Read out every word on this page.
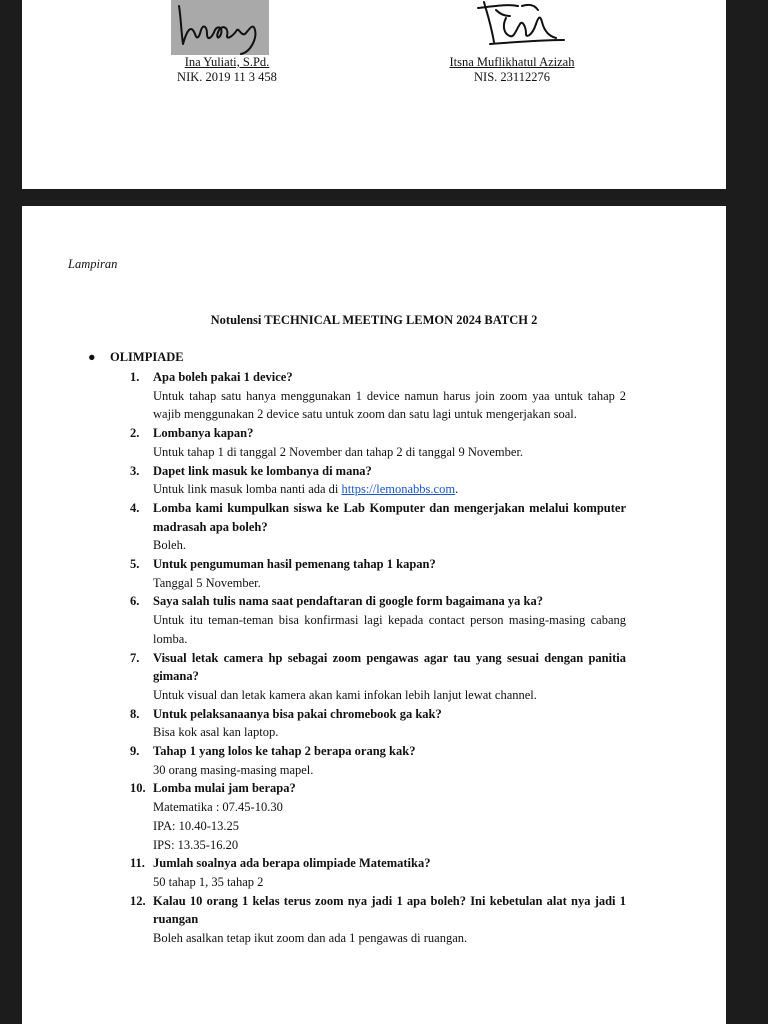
Ina Yuliati, S.Pd.
NIK. 2019 11 3 458
Itsna Muflikhatul Azizah
NIS. 23112276
Lampiran
Notulensi TECHNICAL MEETING LEMON 2024 BATCH 2
● OLIMPIADE
1.	Apa boleh pakai 1 device?
Untuk tahap satu hanya menggunakan 1 device namun harus join zoom yaa untuk tahap 2 wajib menggunakan 2 device satu untuk zoom dan satu lagi untuk mengerjakan soal.
2.	Lombanya kapan?
Untuk tahap 1 di tanggal 2 November dan tahap 2 di tanggal 9 November.
3.	Dapet link masuk ke lombanya di mana?
Untuk link masuk lomba nanti ada di https://lemonabbs.com.
4.	Lomba kami kumpulkan siswa ke Lab Komputer dan mengerjakan melalui komputer madrasah apa boleh?
Boleh.
5.	Untuk pengumuman hasil pemenang tahap 1 kapan?
Tanggal 5 November.
6.	Saya salah tulis nama saat pendaftaran di google form bagaimana ya ka?
Untuk itu teman-teman bisa konfirmasi lagi kepada contact person masing-masing cabang lomba.
7.	Visual letak camera hp sebagai zoom pengawas agar tau yang sesuai dengan panitia gimana?
Untuk visual dan letak kamera akan kami infokan lebih lanjut lewat channel.
8.	Untuk pelaksanaanya bisa pakai chromebook ga kak?
Bisa kok asal kan laptop.
9.	Tahap 1 yang lolos ke tahap 2 berapa orang kak?
30 orang masing-masing mapel.
10. Lomba mulai jam berapa?
Matematika : 07.45-10.30
IPA: 10.40-13.25
IPS: 13.35-16.20
11. Jumlah soalnya ada berapa olimpiade Matematika?
50 tahap 1, 35 tahap 2
12. Kalau 10 orang 1 kelas terus zoom nya jadi 1 apa boleh? Ini kebetulan alat nya jadi 1 ruangan
Boleh asalkan tetap ikut zoom dan ada 1 pengawas di ruangan.
